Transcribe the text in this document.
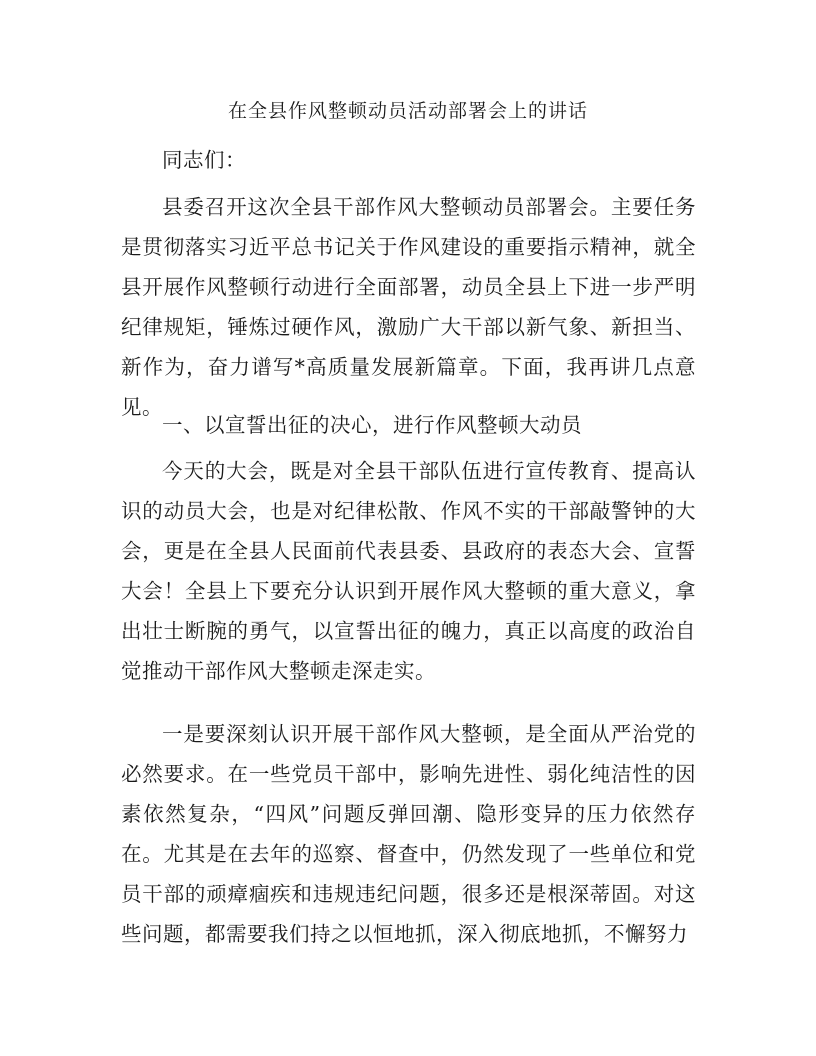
在全县作风整顿动员活动部署会上的讲话

同志们：

县委召开这次全县干部作风大整顿动员部署会。主要任务是贯彻落实习近平总书记关于作风建设的重要指示精神，就全县开展作风整顿行动进行全面部署，动员全县上下进一步严明纪律规矩，锤炼过硬作风，激励广大干部以新气象、新担当、新作为，奋力谱写*高质量发展新篇章。下面，我再讲几点意见。

一、以宣誓出征的决心，进行作风整顿大动员

今天的大会，既是对全县干部队伍进行宣传教育、提高认识的动员大会，也是对纪律松散、作风不实的干部敲警钟的大会，更是在全县人民面前代表县委、县政府的表态大会、宣誓大会！全县上下要充分认识到开展作风大整顿的重大意义，拿出壮士断腕的勇气，以宣誓出征的魄力，真正以高度的政治自觉推动干部作风大整顿走深走实。

一是要深刻认识开展干部作风大整顿，是全面从严治党的必然要求。在一些党员干部中，影响先进性、弱化纯洁性的因素依然复杂，“四风”问题反弹回潮、隐形变异的压力依然存在。尤其是在去年的巡察、督查中，仍然发现了一些单位和党员干部的顽瘴痼疾和违规违纪问题，很多还是根深蒂固。对这些问题，都需要我们持之以恒地抓，深入彻底地抓，不懈努力
